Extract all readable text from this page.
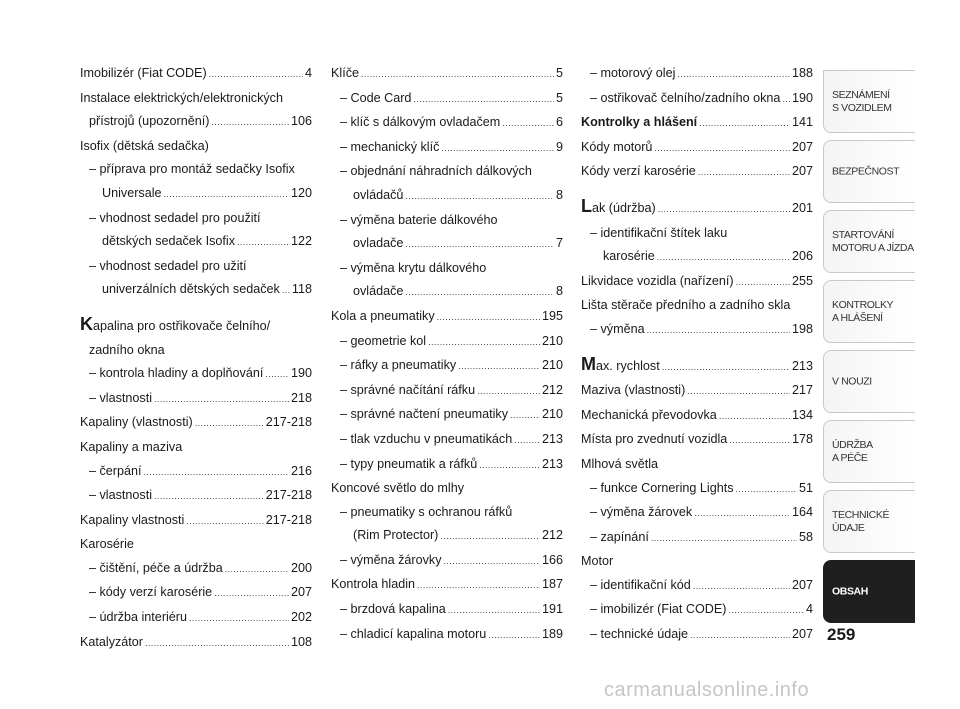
Imobilizér (Fiat CODE) .....	4
Instalace elektrických/elektronických
přístrojů (upozornění) .....	106
Isofix (dětská sedačka)
– příprava pro montáž sedačky Isofix
Universale .....	120
– vhodnost sedadel pro použití
dětských sedaček Isofix .....	122
– vhodnost sedadel pro užití
univerzálních dětských sedaček ..... 118
Kapalina pro ostřikovače čelního/
zadního okna
– kontrola hladiny a doplňování ..... 190
– vlastnosti .....	218
Kapaliny (vlastnosti) .....	217-218
Kapaliny a maziva
– čerpání .....	216
– vlastnosti .....	217-218
Kapaliny vlastnosti .....	217-218
Karosérie
– čištění, péče a údržba .....	200
– kódy verzí karosérie .....	207
– údržba interiéru .....	202
Katalyzátor .....	108
Klíče .....	5
– Code Card .....	5
– klíč s dálkovým ovladačem .....	6
– mechanický klíč .....	9
– objednání náhradních dálkových
ovládačů .....	8
– výměna baterie dálkového
ovladače .....	7
– výměna krytu dálkového
ovládače .....	8
Kola a pneumatiky .....	195
– geometrie kol .....	210
– ráfky a pneumatiky .....	210
– správné načítání ráfku .....	212
– správné načtení pneumatiky .....	210
– tlak vzduchu v pneumatikách ..... 213
– typy pneumatik a ráfků .....	213
Koncové světlo do mlhy
– pneumatiky s ochranou ráfků
(Rim Protector) .....	212
– výměna žárovky .....	166
Kontrola hladin .....	187
– brzdová kapalina .....	191
– chladicí kapalina motoru .....	189
– motorový olej .....	188
– ostřikovač čelního/zadního okna ..... 190
Kontrolky a hlášení .....	141
Kódy motorů .....	207
Kódy verzí karosérie .....	207
Lak (údržba) .....	201
– identifikační štítek laku
karosérie .....	206
Likvidace vozidla (nařízení) .....	255
Lišta stěrače předního a zadního skla
– výměna .....	198
Max. rychlost .....	213
Maziva (vlastnosti) .....	217
Mechanická převodovka .....	134
Místa pro zvednutí vozidla .....	178
Mlhová světla
– funkce Cornering Lights .....	51
– výměna žárovek .....	164
– zapínání .....	58
Motor
– identifikační kód .....	207
– imobilizér (Fiat CODE) .....	4
– technické údaje .....	207
SEZNÁMENÍ
S VOZIDLEM
BEZPEČNOST
STARTOVÁNÍ
MOTORU A JÍZDA
KONTROLKY
A HLÁŠENÍ
V NOUZI
ÚDRŽBA
A PÉČE
TECHNICKÉ
ÚDAJE
OBSAH
259
carmanualsonline.info
